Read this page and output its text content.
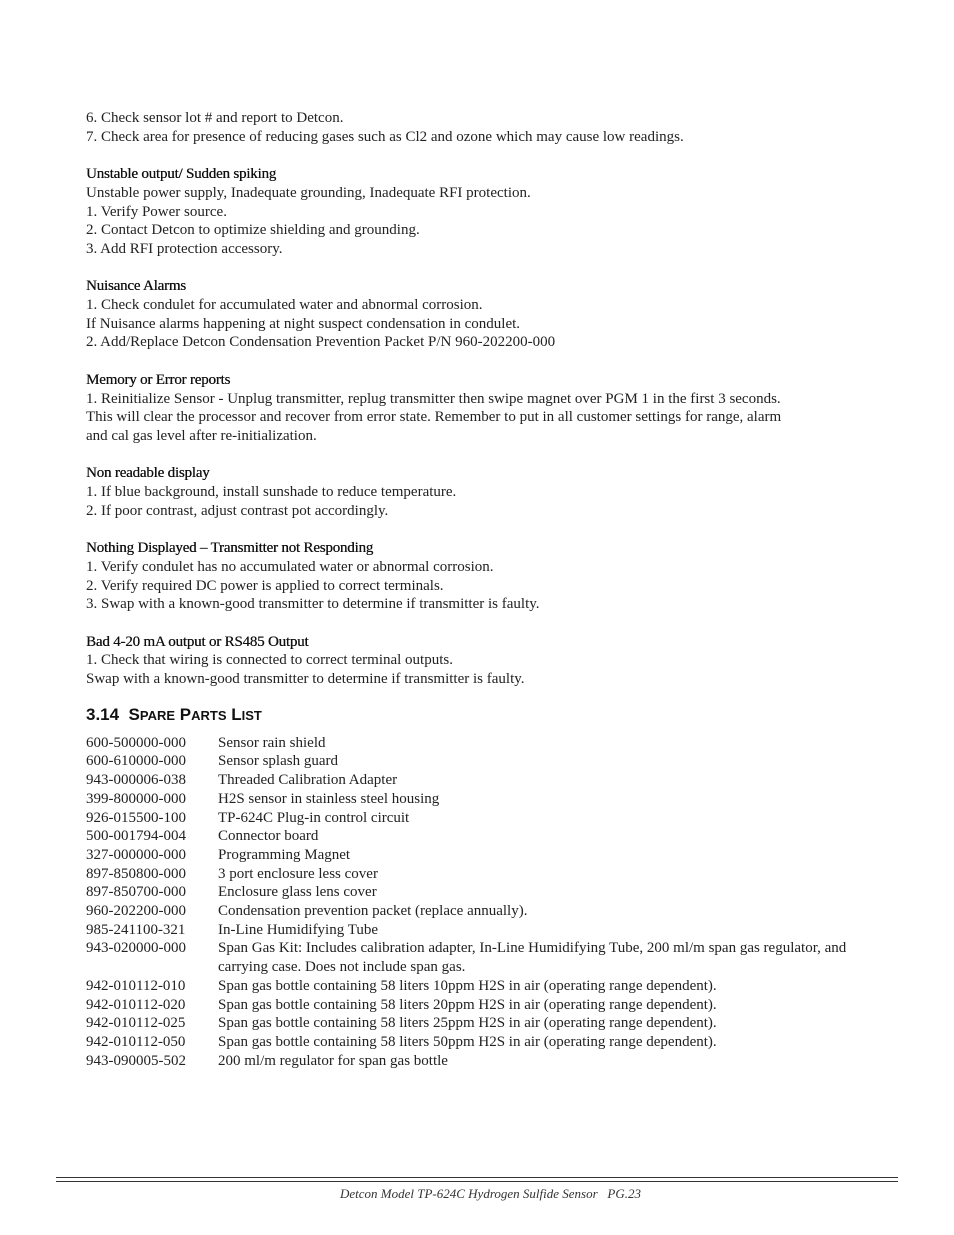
6. Check sensor lot # and report to Detcon.
7. Check area for presence of reducing gases such as Cl2 and ozone which may cause low readings.
Unstable output/ Sudden spiking
Unstable power supply, Inadequate grounding, Inadequate RFI protection.
1. Verify Power source.
2. Contact Detcon to optimize shielding and grounding.
3. Add RFI protection accessory.
Nuisance Alarms
1. Check condulet for accumulated water and abnormal corrosion.
If Nuisance alarms happening at night suspect condensation in condulet.
2. Add/Replace Detcon Condensation Prevention Packet P/N 960-202200-000
Memory or Error reports
1. Reinitialize Sensor - Unplug transmitter, replug transmitter then swipe magnet over PGM 1 in the first 3 seconds.
This will clear the processor and recover from error state. Remember to put in all customer settings for range, alarm
and cal gas level after re-initialization.
Non readable display
1. If blue background, install sunshade to reduce temperature.
2. If poor contrast, adjust contrast pot accordingly.
Nothing Displayed – Transmitter not Responding
1. Verify condulet has no accumulated water or abnormal corrosion.
2. Verify required DC power is applied to correct terminals.
3. Swap with a known-good transmitter to determine if transmitter is faulty.
Bad 4-20 mA output or RS485 Output
1. Check that wiring is connected to correct terminal outputs.
Swap with a known-good transmitter to determine if transmitter is faulty.
3.14 SPARE PARTS LIST
600-500000-000	Sensor rain shield
600-610000-000	Sensor splash guard
943-000006-038	Threaded Calibration Adapter
399-800000-000	H2S sensor in stainless steel housing
926-015500-100	TP-624C Plug-in control circuit
500-001794-004	Connector board
327-000000-000	Programming Magnet
897-850800-000	3 port enclosure less cover
897-850700-000	Enclosure glass lens cover
960-202200-000	Condensation prevention packet (replace annually).
985-241100-321	In-Line Humidifying Tube
943-020000-000	Span Gas Kit: Includes calibration adapter, In-Line Humidifying Tube, 200 ml/m span gas regulator, and carrying case. Does not include span gas.
942-010112-010	Span gas bottle containing 58 liters 10ppm H2S in air (operating range dependent).
942-010112-020	Span gas bottle containing 58 liters 20ppm H2S in air (operating range dependent).
942-010112-025	Span gas bottle containing 58 liters 25ppm H2S in air (operating range dependent).
942-010112-050	Span gas bottle containing 58 liters 50ppm H2S in air (operating range dependent).
943-090005-502	200 ml/m regulator for span gas bottle
Detcon Model TP-624C Hydrogen Sulfide Sensor PG.23
